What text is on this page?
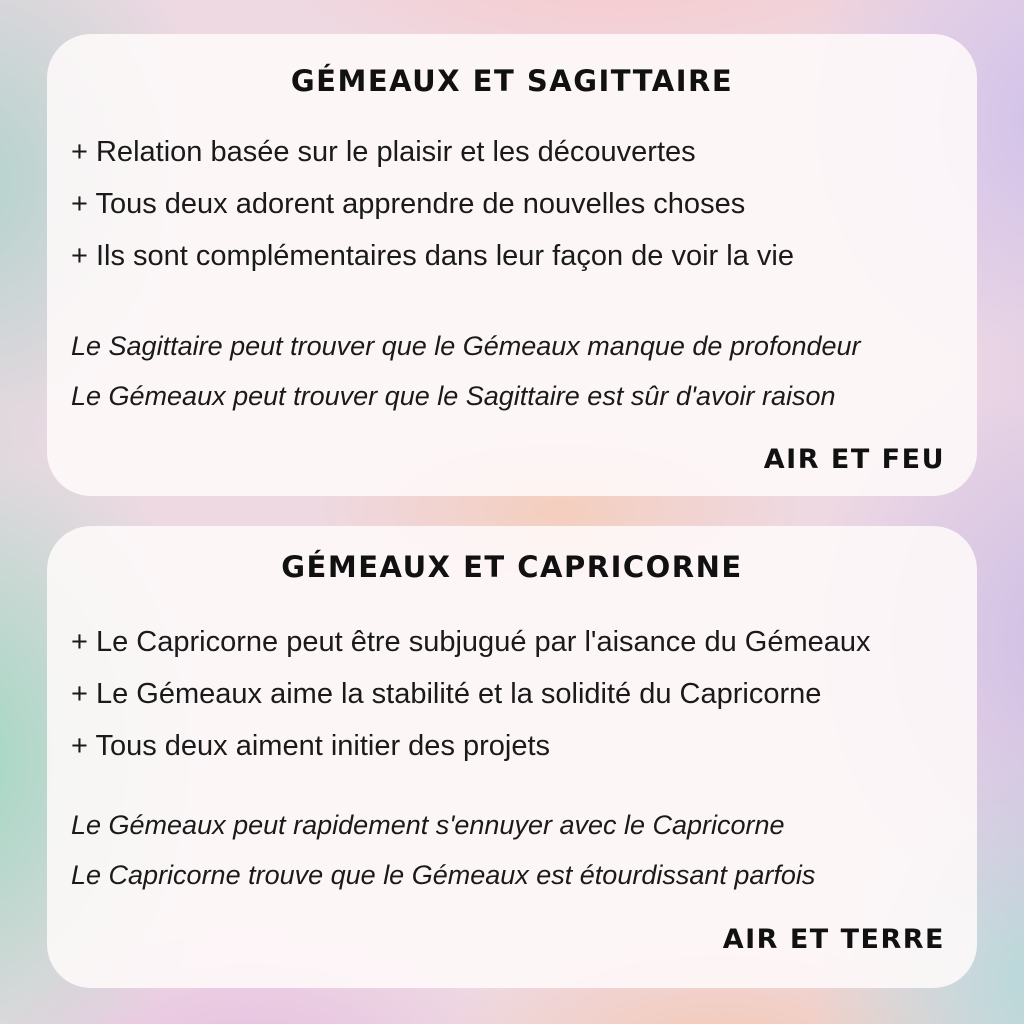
GÉMEAUX ET SAGITTAIRE
+ Relation basée sur le plaisir et les découvertes
+ Tous deux adorent apprendre de nouvelles choses
+ Ils sont complémentaires dans leur façon de voir la vie
Le Sagittaire peut trouver que le Gémeaux manque de profondeur
Le Gémeaux peut trouver que le Sagittaire est sûr d'avoir raison
AIR ET FEU
GÉMEAUX ET CAPRICORNE
+ Le Capricorne peut être subjugué par l'aisance du Gémeaux
+ Le Gémeaux aime la stabilité et la solidité du Capricorne
+ Tous deux aiment initier des projets
Le Gémeaux peut rapidement s'ennuyer avec le Capricorne
Le Capricorne trouve que le Gémeaux est étourdissant parfois
AIR ET TERRE
